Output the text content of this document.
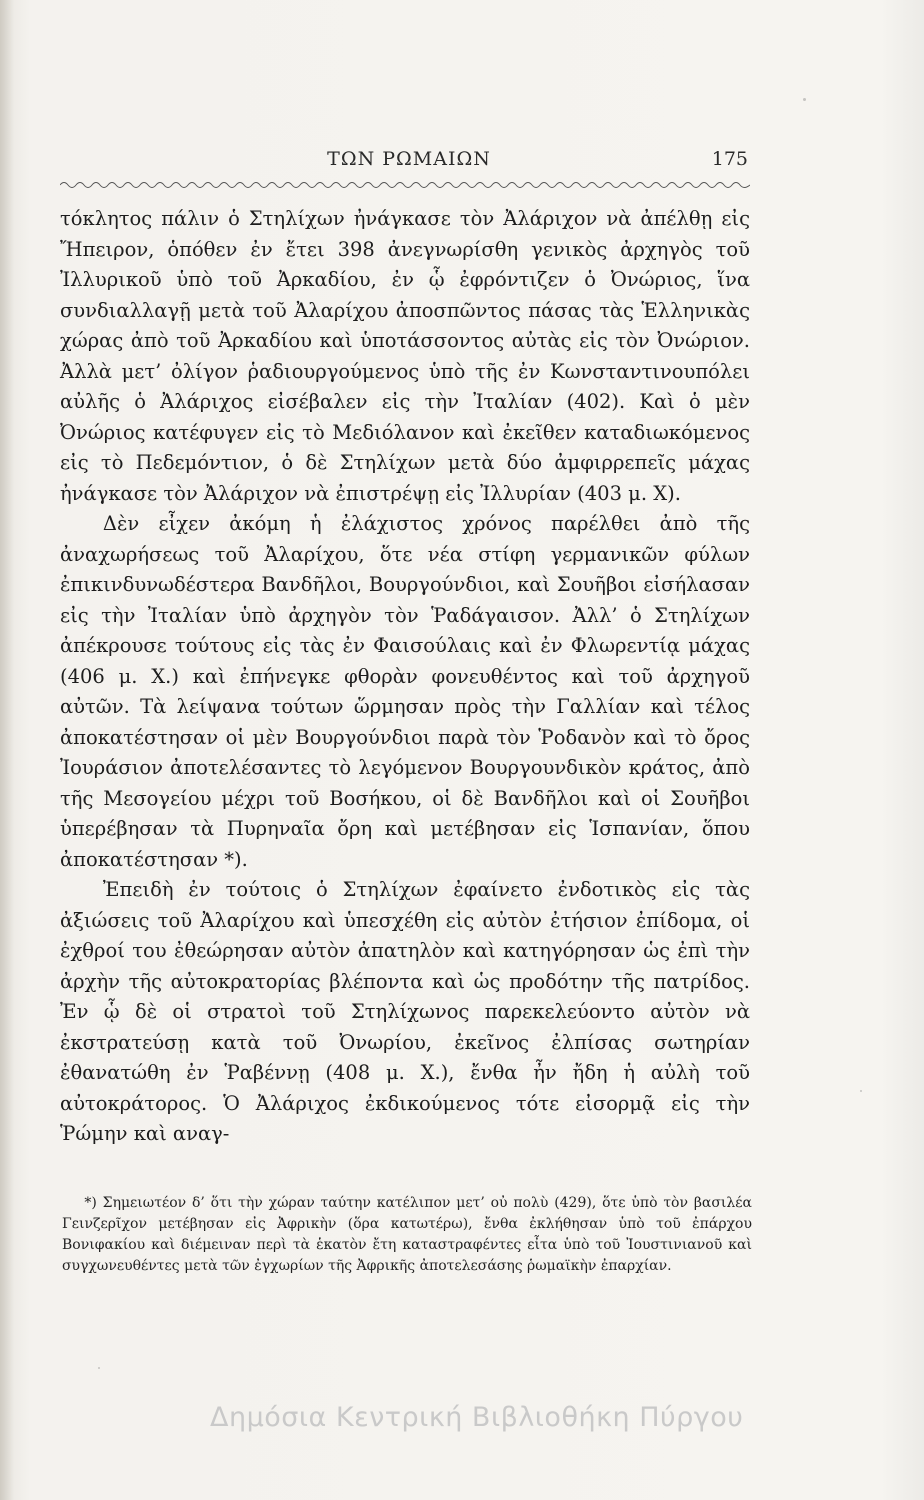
ΤΩΝ ΡΩΜΑΙΩΝ	175

τόκλητος πάλιν ὁ Στηλίχων ἠνάγκασε τὸν Ἀλάριχον νὰ ἀπέλθῃ εἰς Ἤπειρον, ὁπόθεν ἐν ἔτει 398 ἀνεγνωρίσθη γενικὸς ἀρχηγὸς τοῦ Ἰλλυρικοῦ ὑπὸ τοῦ Ἀρκαδίου, ἐν ᾧ ἐφρόντιζεν ὁ Ὀνώριος, ἵνα συνδιαλλαγῇ μετὰ τοῦ Ἀλαρίχου ἀποσπῶντος πάσας τὰς Ἑλληνικὰς χώρας ἀπὸ τοῦ Ἀρκαδίου καὶ ὑποτάσσοντος αὐτὰς εἰς τὸν Ὀνώριον. Ἀλλὰ μετ’ ὀλίγον ῥαδιουργούμενος ὑπὸ τῆς ἐν Κωνσταντινουπόλει αὐλῆς ὁ Ἀλάριχος εἰσέβαλεν εἰς τὴν Ἰταλίαν (402). Καὶ ὁ μὲν Ὀνώριος κατέφυγεν εἰς τὸ Μεδιόλανον καὶ ἐκεῖθεν καταδιωκόμενος εἰς τὸ Πεδεμόντιον, ὁ δὲ Στηλίχων μετὰ δύο ἀμφιρρεπεῖς μάχας ἠνάγκασε τὸν Ἀλάριχον νὰ ἐπιστρέψῃ εἰς Ἰλλυρίαν (403 μ. Χ).

Δὲν εἶχεν ἀκόμη ἡ ἐλάχιστος χρόνος παρέλθει ἀπὸ τῆς ἀναχωρήσεως τοῦ Ἀλαρίχου, ὅτε νέα στίφη γερμανικῶν φύλων ἐπικινδυνωδέστερα Βανδῆλοι, Βουργούνδιοι, καὶ Σουῆβοι εἰσήλασαν εἰς τὴν Ἰταλίαν ὑπὸ ἀρχηγὸν τὸν Ῥαδάγαισον. Ἀλλ’ ὁ Στηλίχων ἀπέκρουσε τούτους εἰς τὰς ἐν Φαισούλαις καὶ ἐν Φλωρεντίᾳ μάχας (406 μ. Χ.) καὶ ἐπήνεγκε φθορὰν φονευθέντος καὶ τοῦ ἀρχηγοῦ αὐτῶν. Τὰ λείψανα τούτων ὥρμησαν πρὸς τὴν Γαλλίαν καὶ τέλος ἀποκατέστησαν οἱ μὲν Βουργούνδιοι παρὰ τὸν Ῥοδανὸν καὶ τὸ ὄρος Ἰουράσιον ἀποτελέσαντες τὸ λεγόμενον Βουργουνδικὸν κράτος, ἀπὸ τῆς Μεσογείου μέχρι τοῦ Βοσήκου, οἱ δὲ Βανδῆλοι καὶ οἱ Σουῆβοι ὑπερέβησαν τὰ Πυρηναῖα ὄρη καὶ μετέβησαν εἰς Ἱσπανίαν, ὅπου ἀποκατέστησαν *).

Ἐπειδὴ ἐν τούτοις ὁ Στηλίχων ἐφαίνετο ἐνδοτικὸς εἰς τὰς ἀξιώσεις τοῦ Ἀλαρίχου καὶ ὑπεσχέθη εἰς αὐτὸν ἐτήσιον ἐπίδομα, οἱ ἐχθροί του ἐθεώρησαν αὐτὸν ἀπατηλὸν καὶ κατηγόρησαν ὡς ἐπὶ τὴν ἀρχὴν τῆς αὐτοκρατορίας βλέποντα καὶ ὡς προδότην τῆς πατρίδος. Ἐν ᾧ δὲ οἱ στρατοὶ τοῦ Στηλίχωνος παρεκελεύοντο αὐτὸν νὰ ἐκστρατεύσῃ κατὰ τοῦ Ὀνωρίου, ἐκεῖνος ἐλπίσας σωτηρίαν ἐθανατώθη ἐν Ῥαβέννῃ (408 μ. Χ.), ἔνθα ἦν ἤδη ἡ αὐλὴ τοῦ αὐτοκράτορος. Ὁ Ἀλάριχος ἐκδικούμενος τότε εἰσορμᾷ εἰς τὴν Ῥώμην καὶ αναγ-

*) Σημειωτέον δ’ ὅτι τὴν χώραν ταύτην κατέλιπον μετ’ οὐ πολὺ (429), ὅτε ὑπὸ τὸν βασιλέα Γεινζερῖχον μετέβησαν εἰς Ἀφρικὴν (ὅρα κατωτέρω), ἔνθα ἐκλήθησαν ὑπὸ τοῦ ἐπάρχου Βονιφακίου καὶ διέμειναν περὶ τὰ ἑκατὸν ἔτη καταστραφέντες εἶτα ὑπὸ τοῦ Ἰουστινιανοῦ καὶ συγχωνευθέντες μετὰ τῶν ἐγχωρίων τῆς Ἀφρικῆς ἀποτελεσάσης ῥωμαϊκὴν ἐπαρχίαν.

Δημόσια Κεντρική Βιβλιοθήκη Πύργου
